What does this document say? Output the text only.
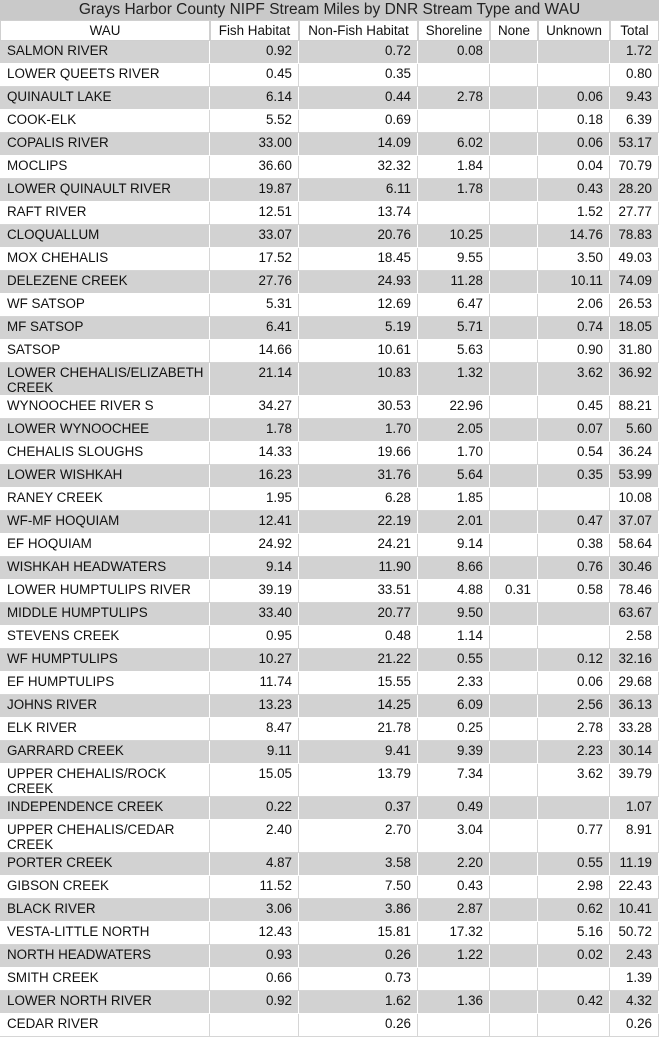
Grays Harbor County NIPF Stream Miles by DNR Stream Type and WAU
WAU	Fish Habitat	Non-Fish Habitat	Shoreline	None	Unknown	Total
SALMON RIVER	0.92	0.72	0.08			1.72
LOWER QUEETS RIVER	0.45	0.35				0.80
QUINAULT LAKE	6.14	0.44	2.78		0.06	9.43
COOK-ELK	5.52	0.69			0.18	6.39
COPALIS RIVER	33.00	14.09	6.02		0.06	53.17
MOCLIPS	36.60	32.32	1.84		0.04	70.79
LOWER QUINAULT RIVER	19.87	6.11	1.78		0.43	28.20
RAFT RIVER	12.51	13.74			1.52	27.77
CLOQUALLUM	33.07	20.76	10.25		14.76	78.83
MOX CHEHALIS	17.52	18.45	9.55		3.50	49.03
DELEZENE CREEK	27.76	24.93	11.28		10.11	74.09
WF SATSOP	5.31	12.69	6.47		2.06	26.53
MF SATSOP	6.41	5.19	5.71		0.74	18.05
SATSOP	14.66	10.61	5.63		0.90	31.80
LOWER CHEHALIS/ELIZABETH CREEK	21.14	10.83	1.32		3.62	36.92
WYNOOCHEE RIVER S	34.27	30.53	22.96		0.45	88.21
LOWER WYNOOCHEE	1.78	1.70	2.05		0.07	5.60
CHEHALIS SLOUGHS	14.33	19.66	1.70		0.54	36.24
LOWER WISHKAH	16.23	31.76	5.64		0.35	53.99
RANEY CREEK	1.95	6.28	1.85			10.08
WF-MF HOQUIAM	12.41	22.19	2.01		0.47	37.07
EF HOQUIAM	24.92	24.21	9.14		0.38	58.64
WISHKAH HEADWATERS	9.14	11.90	8.66		0.76	30.46
LOWER HUMPTULIPS RIVER	39.19	33.51	4.88	0.31	0.58	78.46
MIDDLE HUMPTULIPS	33.40	20.77	9.50			63.67
STEVENS CREEK	0.95	0.48	1.14			2.58
WF HUMPTULIPS	10.27	21.22	0.55		0.12	32.16
EF HUMPTULIPS	11.74	15.55	2.33		0.06	29.68
JOHNS RIVER	13.23	14.25	6.09		2.56	36.13
ELK RIVER	8.47	21.78	0.25		2.78	33.28
GARRARD CREEK	9.11	9.41	9.39		2.23	30.14
UPPER CHEHALIS/ROCK CREEK	15.05	13.79	7.34		3.62	39.79
INDEPENDENCE CREEK	0.22	0.37	0.49			1.07
UPPER CHEHALIS/CEDAR CREEK	2.40	2.70	3.04		0.77	8.91
PORTER CREEK	4.87	3.58	2.20		0.55	11.19
GIBSON CREEK	11.52	7.50	0.43		2.98	22.43
BLACK RIVER	3.06	3.86	2.87		0.62	10.41
VESTA-LITTLE NORTH	12.43	15.81	17.32		5.16	50.72
NORTH HEADWATERS	0.93	0.26	1.22		0.02	2.43
SMITH CREEK	0.66	0.73				1.39
LOWER NORTH RIVER	0.92	1.62	1.36		0.42	4.32
CEDAR RIVER		0.26				0.26
